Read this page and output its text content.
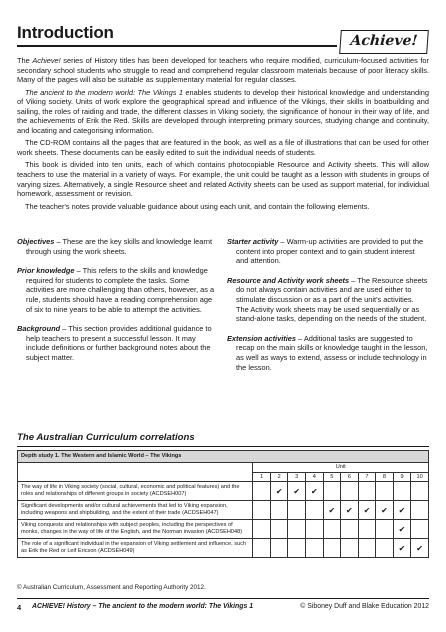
Introduction	Achieve!

The Achieve! series of History titles has been developed for teachers who require modified, curriculum-focused activities for secondary school students who struggle to read and comprehend regular classroom materials because of poor literacy skills. Many of the pages will also be suitable as supplementary material for regular classes.

The ancient to the modern world: The Vikings 1 enables students to develop their historical knowledge and understanding of Viking society. Units of work explore the geographical spread and influence of the Vikings, their skills in boatbuilding and sailing, the roles of raiding and trade, the different classes in Viking society, the significance of honour in their way of life, and the achievements of Erik the Red. Skills are developed through interpreting primary sources, studying change and continuity, and locating and categorising information.

The CD-ROM contains all the pages that are featured in the book, as well as a file of illustrations that can be used for other work sheets. These documents can be easily edited to suit the individual needs of students.

This book is divided into ten units, each of which contains photocopiable Resource and Activity sheets. This will allow teachers to use the material in a variety of ways. For example, the unit could be taught as a lesson with students in groups of varying sizes. Alternatively, a single Resource sheet and related Activity sheets can be used as support material, for individual homework, assessment or revision.

The teacher's notes provide valuable guidance about using each unit, and contain the following elements.

Objectives – These are the key skills and knowledge learnt through using the work sheets.
Prior knowledge – This refers to the skills and knowledge required for students to complete the tasks. Some activities are more challenging than others, however, as a rule, students should have a reading comprehension age of six to nine years to be able to attempt the activities.
Background – This section provides additional guidance to help teachers to present a successful lesson. It may include definitions or further background notes about the subject matter.
Starter activity – Warm-up activities are provided to put the content into proper context and to gain student interest and attention.
Resource and Activity work sheets – The Resource sheets do not always contain activities and are used either to stimulate discussion or as a part of the unit's activities. The Activity work sheets may be used sequentially or as stand-alone tasks, depending on the needs of the student.
Extension activities – Additional tasks are suggested to recap on the main skills or knowledge taught in the lesson, as well as ways to extend, assess or include technology in the lesson.
The Australian Curriculum correlations
Depth study 1. The Western and Islamic World – The Vikings										
	Unit									
	1	2	3	4	5	6	7	8	9	10
The way of life in Viking society (social, cultural, economic and political features) and the roles and relationships of different groups in society (ACDSEH007)		✔	✔	✔						
Significant developments and/or cultural achievements that led to Viking expansion, including weapons and shipbuilding, and the extent of their trade (ACDSEH047)					✔	✔	✔	✔	✔	
Viking conquests and relationships with subject peoples, including the perspectives of monks, changes in the way of life of the English, and the Norman invasion (ACDSEH048)									✔	
The role of a significant individual in the expansion of Viking settlement and influence, such as Erik the Red or Leif Ericson (ACDSEH049)									✔	✔
© Australian Curriculum, Assessment and Reporting Authority 2012.
4 ACHIEVE! History – The ancient to the modern world: The Vikings 1	© Siboney Duff and Blake Education 2012
